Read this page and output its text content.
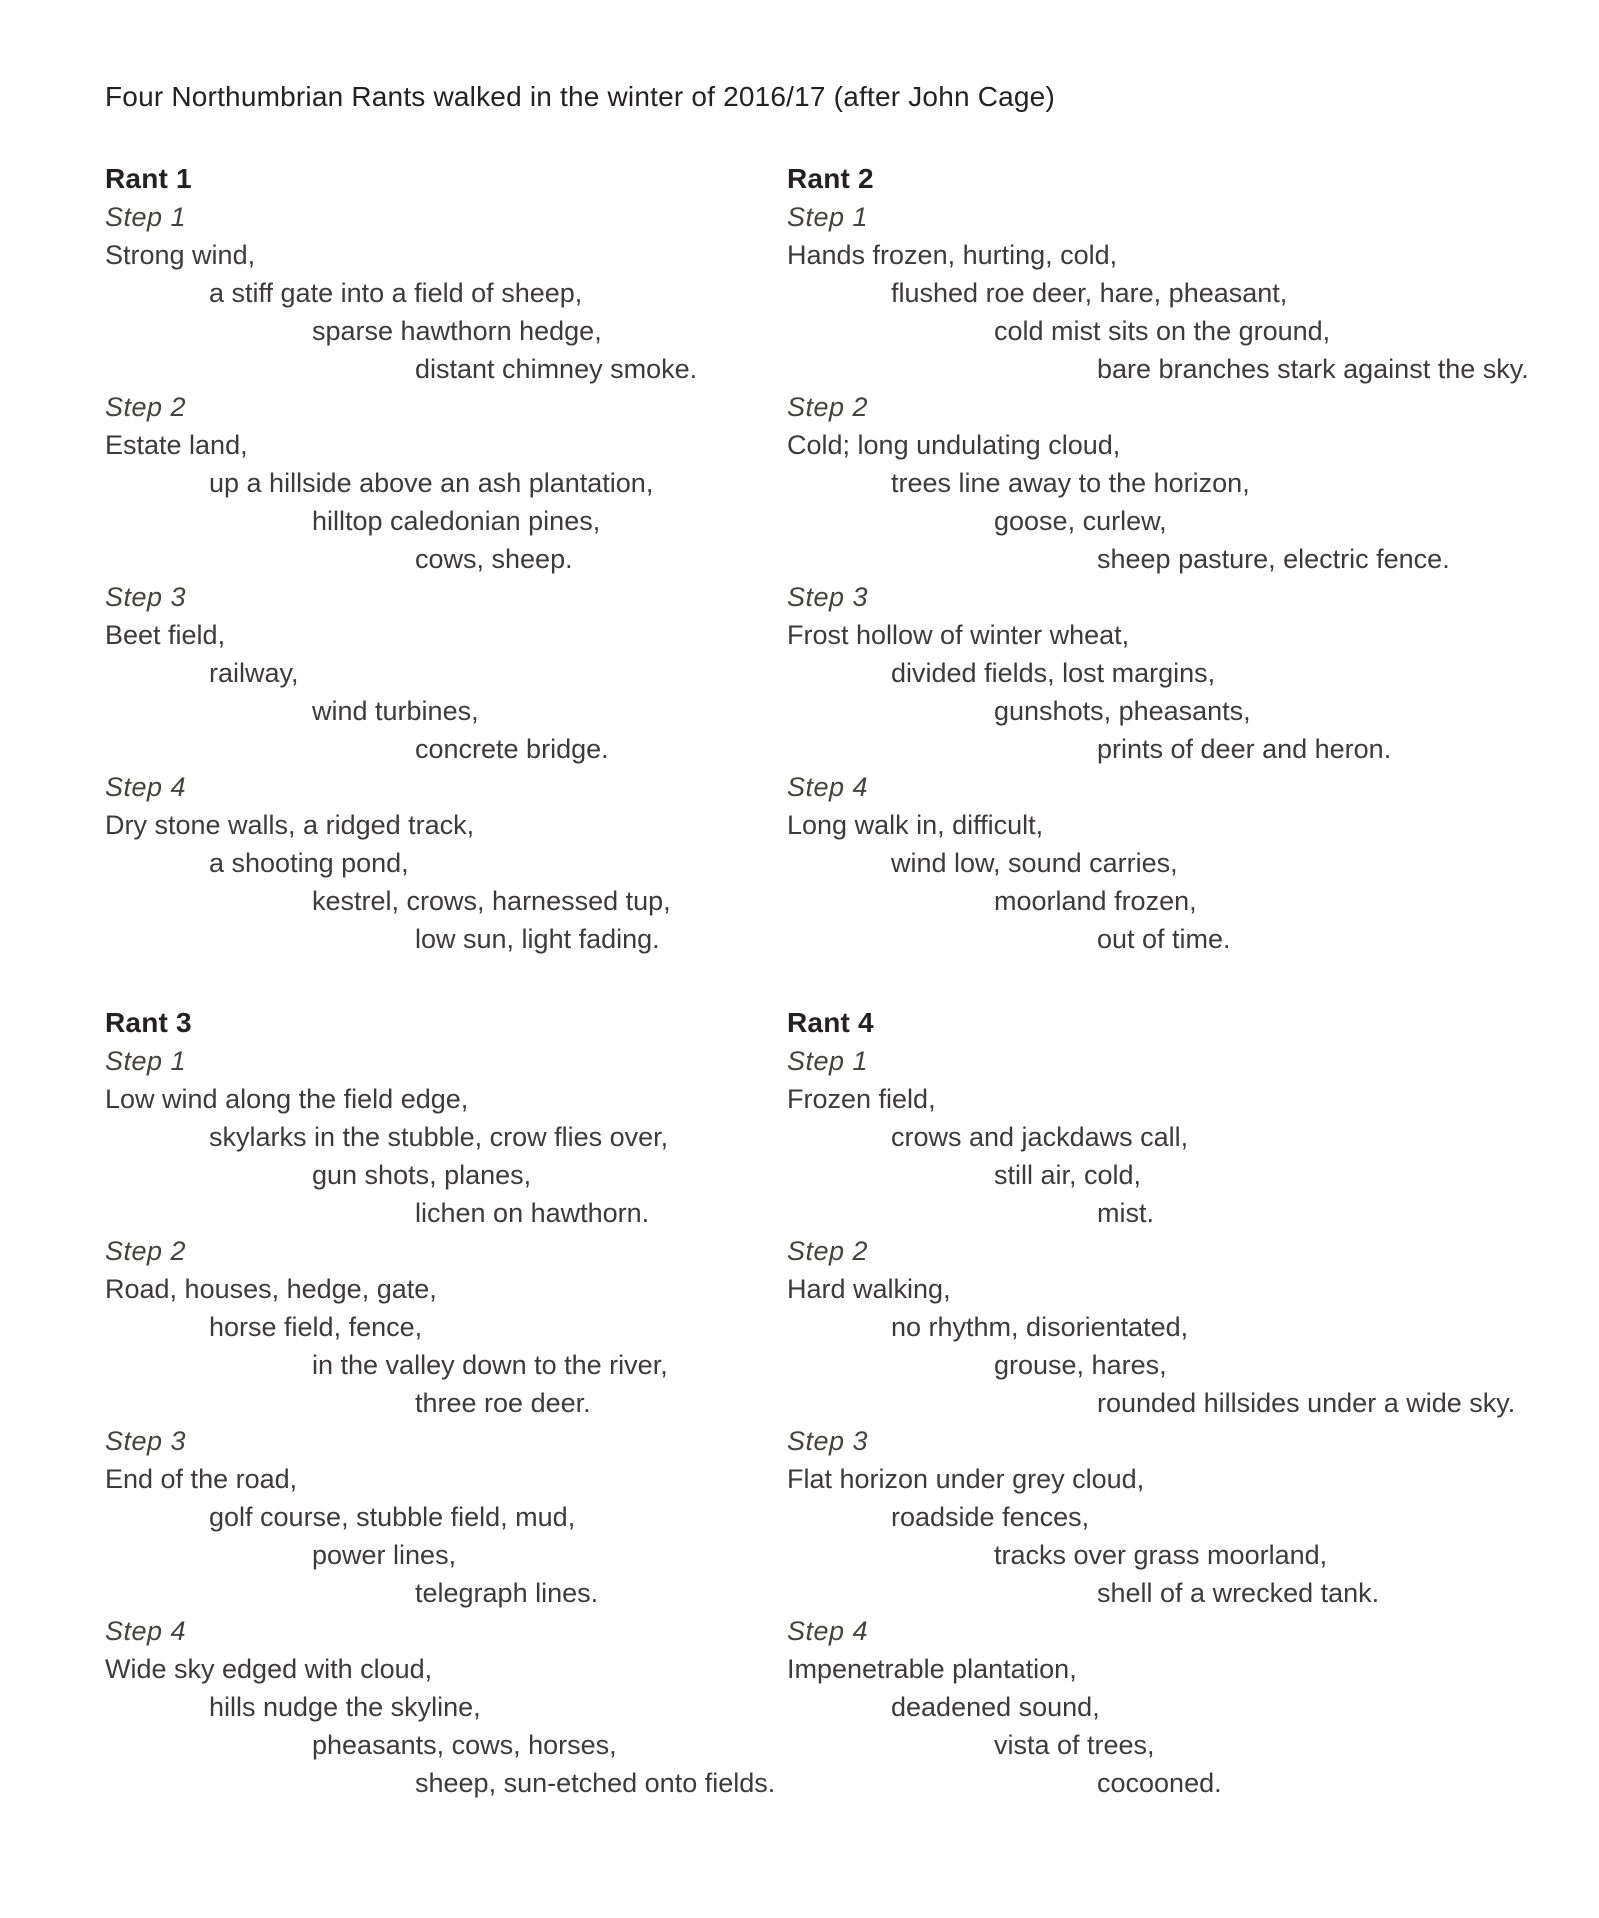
Four Northumbrian Rants walked in the winter of 2016/17 (after John Cage)
Rant 1

Step 1

Strong wind,

a stiff gate into a field of sheep,

sparse hawthorn hedge,

distant chimney smoke.

Step 2

Estate land,

up a hillside above an ash plantation,

hilltop caledonian pines,

cows, sheep.

Step 3

Beet field,

railway,

wind turbines,

concrete bridge.

Step 4

Dry stone walls, a ridged track,

a shooting pond,

kestrel, crows, harnessed tup,

low sun, light fading.

Rant 2

Step 1

Hands frozen, hurting, cold,

flushed roe deer, hare, pheasant,

cold mist sits on the ground,

bare branches stark against the sky.

Step 2

Cold; long undulating cloud,

trees line away to the horizon,

goose, curlew,

sheep pasture, electric fence.

Step 3

Frost hollow of winter wheat,

divided fields, lost margins,

gunshots, pheasants,

prints of deer and heron.

Step 4

Long walk in, difficult,

wind low, sound carries,

moorland frozen,

out of time.

Rant 3

Step 1

Low wind along the field edge,

skylarks in the stubble, crow flies over,

gun shots, planes,

lichen on hawthorn.

Step 2

Road, houses, hedge, gate,

horse field, fence,

in the valley down to the river,

three roe deer.

Step 3

End of the road,

golf course, stubble field, mud,

power lines,

telegraph lines.

Step 4

Wide sky edged with cloud,

hills nudge the skyline,

pheasants, cows, horses,

sheep, sun-etched onto fields.

Rant 4

Step 1

Frozen field,

crows and jackdaws call,

still air, cold,

mist.

Step 2

Hard walking,

no rhythm, disorientated,

grouse, hares,

rounded hillsides under a wide sky.

Step 3

Flat horizon under grey cloud,

roadside fences,

tracks over grass moorland,

shell of a wrecked tank.

Step 4

Impenetrable plantation,

deadened sound,

vista of trees,

cocooned.
